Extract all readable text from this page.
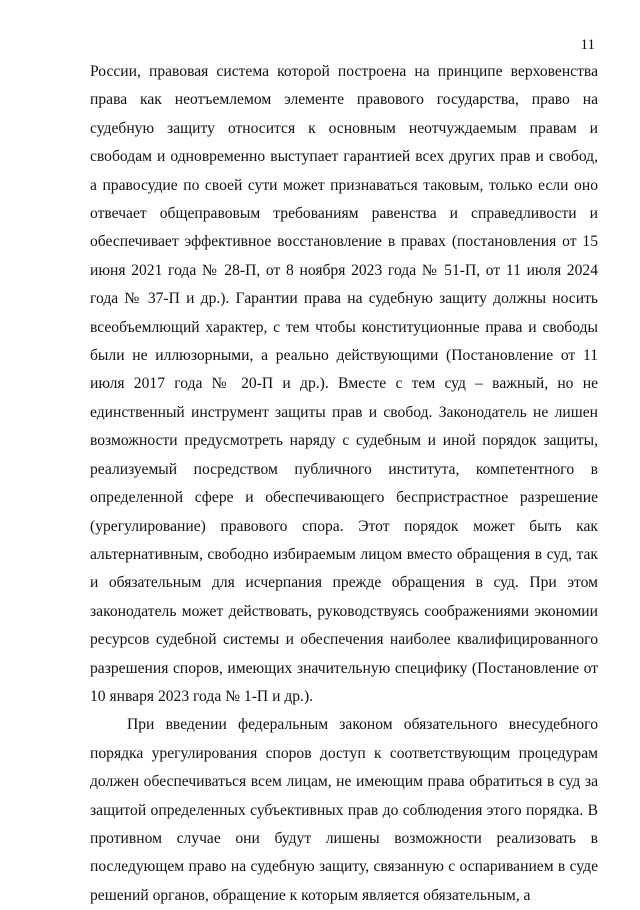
11

России, правовая система которой построена на принципе верховенства права как неотъемлемом элементе правового государства, право на судебную защиту относится к основным неотчуждаемым правам и свободам и одновременно выступает гарантией всех других прав и свобод, а правосудие по своей сути может признаваться таковым, только если оно отвечает общеправовым требованиям равенства и справедливости и обеспечивает эффективное восстановление в правах (постановления от 15 июня 2021 года № 28-П, от 8 ноября 2023 года № 51-П, от 11 июля 2024 года № 37-П и др.). Гарантии права на судебную защиту должны носить всеобъемлющий характер, с тем чтобы конституционные права и свободы были не иллюзорными, а реально действующими (Постановление от 11 июля 2017 года № 20-П и др.). Вместе с тем суд – важный, но не единственный инструмент защиты прав и свобод. Законодатель не лишен возможности предусмотреть наряду с судебным и иной порядок защиты, реализуемый посредством публичного института, компетентного в определенной сфере и обеспечивающего беспристрастное разрешение (урегулирование) правового спора. Этот порядок может быть как альтернативным, свободно избираемым лицом вместо обращения в суд, так и обязательным для исчерпания прежде обращения в суд. При этом законодатель может действовать, руководствуясь соображениями экономии ресурсов судебной системы и обеспечения наиболее квалифицированного разрешения споров, имеющих значительную специфику (Постановление от 10 января 2023 года № 1-П и др.).

При введении федеральным законом обязательного внесудебного порядка урегулирования споров доступ к соответствующим процедурам должен обеспечиваться всем лицам, не имеющим права обратиться в суд за защитой определенных субъективных прав до соблюдения этого порядка. В противном случае они будут лишены возможности реализовать в последующем право на судебную защиту, связанную с оспариванием в суде решений органов, обращение к которым является обязательным, а
